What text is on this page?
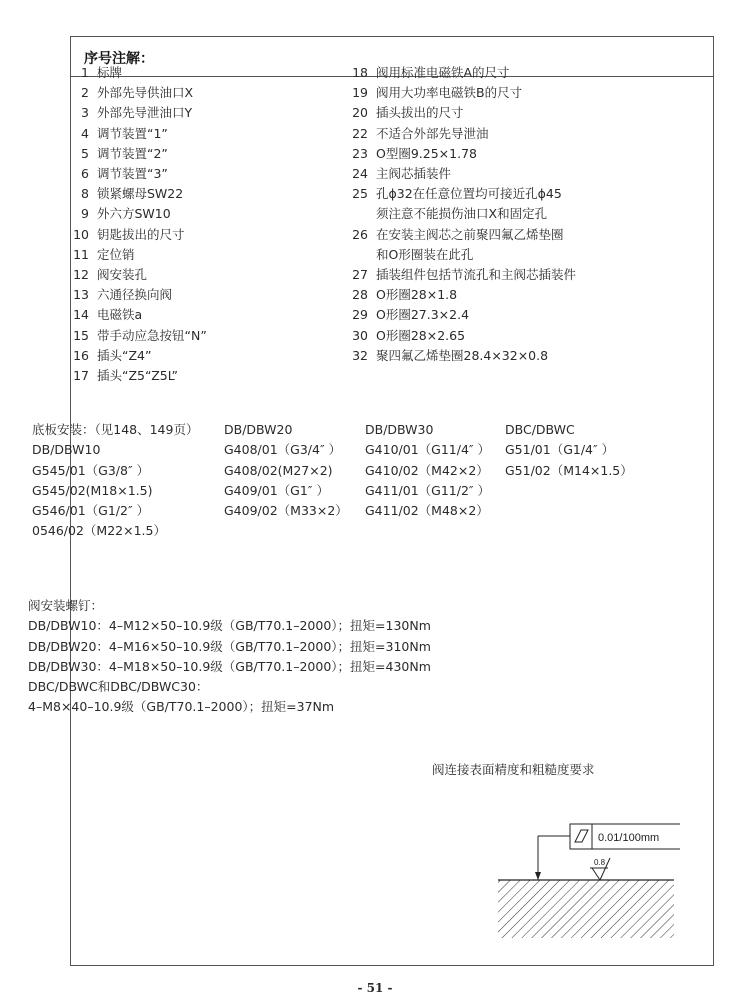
序号注解：
1 标牌
2 外部先导供油口X
3 外部先导泄油口Y
4 调节装置“1”
5 调节装置“2”
6 调节装置“3”
8 锁紧螺母SW22
9 外六方SW10
10 钥匙拔出的尺寸
11 定位销
12 阀安装孔
13 六通径换向阀
14 电磁铁a
15 带手动应急按钮“N”
16 插头“Z4”
17 插头“Z5“Z5L”
18 阀用标准电磁铁A的尺寸
19 阀用大功率电磁铁B的尺寸
20 插头拔出的尺寸
22 不适合外部先导泄油
23 O型圈9.25×1.78
24 主阀芯插装件
25 孔ϕ32在任意位置均可接近孔ϕ45
须注意不能损伤油口X和固定孔
26 在安装主阀芯之前聚四氟乙烯垫圈
和O形圈装在此孔
27 插装组件包括节流孔和主阀芯插装件
28 O形圈28×1.8
29 O形圈27.3×2.4
30 O形圈28×2.65
32 聚四氟乙烯垫圈28.4×32×0.8
底板安装：（见148、149页）
DB/DBW10
G545/01（G3/8″ ）
G545/02(M18×1.5)
G546/01（G1/2″ ）
0546/02（M22×1.5）
DB/DBW20
G408/01（G3/4″ ）
G408/02(M27×2)
G409/01（G1″ ）
G409/02（M33×2）
DB/DBW30
G410/01（G11/4″ ）
G410/02（M42×2）
G411/01（G11/2″ ）
G411/02（M48×2）
DBC/DBWC
G51/01（G1/4″ ）
G51/02（M14×1.5）
阀安装螺钉：
DB/DBW10：4–M12×50–10.9级（GB/T70.1–2000）；扭矩=130Nm
DB/DBW20：4–M16×50–10.9级（GB/T70.1–2000）；扭矩=310Nm
DB/DBW30：4–M18×50–10.9级（GB/T70.1–2000）；扭矩=430Nm
DBC/DBWC和DBC/DBWC30：
4–M8×40–10.9级（GB/T70.1–2000）；扭矩=37Nm
阀连接表面精度和粗糙度要求
0.01/100mm
0.8
- 51 -
